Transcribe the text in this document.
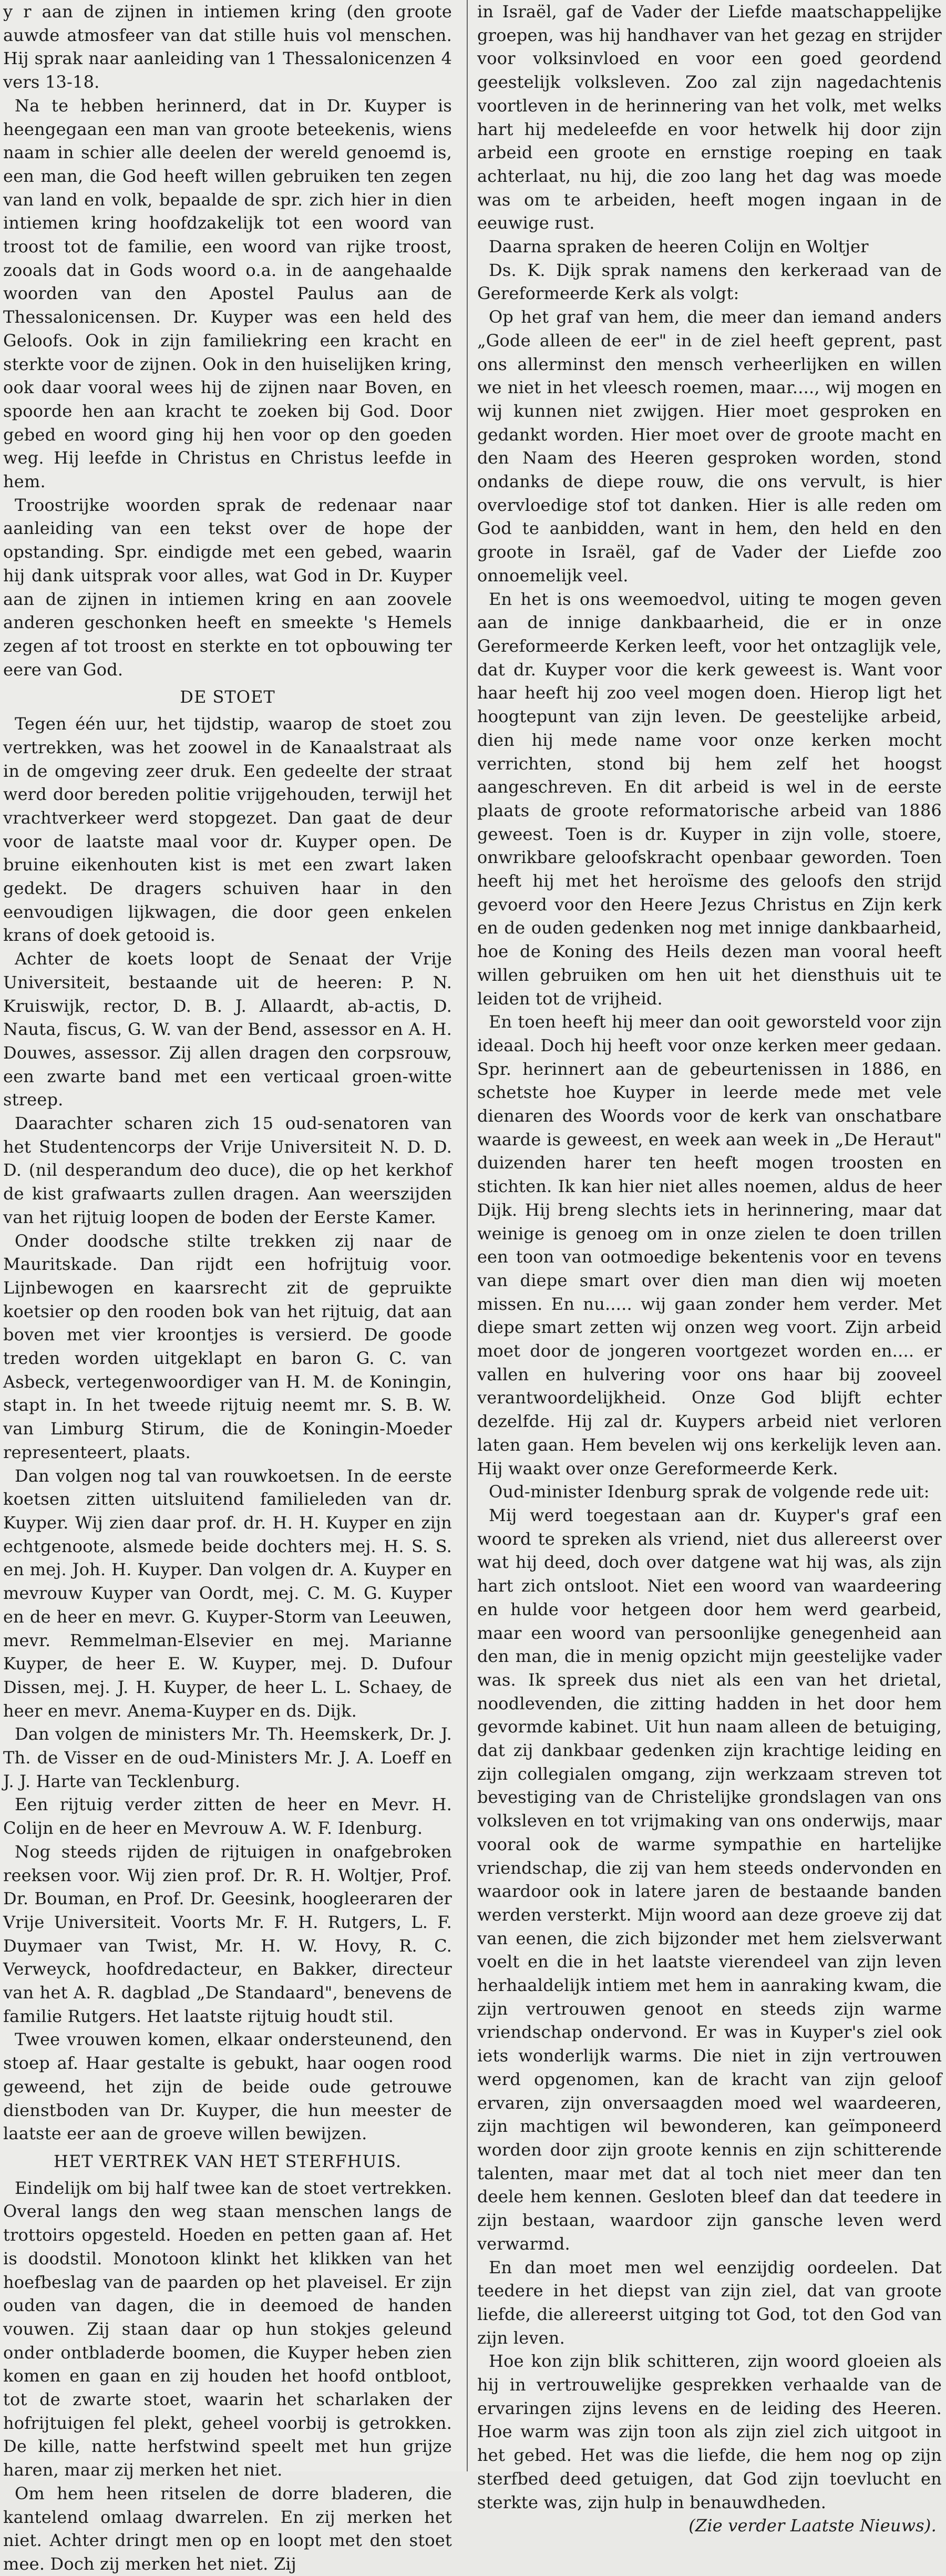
y r aan de zijnen in intiemen kring (den groote auwde atmosfeer van dat stille huis vol menschen. Hij sprak naar aanleiding van 1 Thessalonicenzen 4 vers 13-18.

Na te hebben herinnerd, dat in Dr. Kuyper is heengegaan een man van groote beteekenis, wiens naam in schier alle deelen der wereld genoemd is, een man, die God heeft willen gebruiken ten zegen van land en volk, bepaalde de spr. zich hier in dien intiemen kring hoofdzakelijk tot een woord van troost tot de familie, een woord van rijke troost, zooals dat in Gods woord o.a. in de aangehaalde woorden van den Apostel Paulus aan de Thessalonicensen. Dr. Kuyper was een held des Geloofs. Ook in zijn familiekring een kracht en sterkte voor de zijnen. Ook in den huiselijken kring, ook daar vooral wees hij de zijnen naar Boven, en spoorde hen aan kracht te zoeken bij God. Door gebed en woord ging hij hen voor op den goeden weg. Hij leefde in Christus en Christus leefde in hem.

Troostrijke woorden sprak de redenaar naar aanleiding van een tekst over de hope der opstanding. Spr. eindigde met een gebed, waarin hij dank uitsprak voor alles, wat God in Dr. Kuyper aan de zijnen in intiemen kring en aan zoovele anderen geschonken heeft en smeekte 's Hemels zegen af tot troost en sterkte en tot opbouwing ter eere van God.

DE STOET

Tegen één uur, het tijdstip, waarop de stoet zou vertrekken, was het zoowel in de Kanaalstraat als in de omgeving zeer druk. Een gedeelte der straat werd door bereden politie vrijgehouden, terwijl het vrachtverkeer werd stopgezet. Dan gaat de deur voor de laatste maal voor dr. Kuyper open. De bruine eikenhouten kist is met een zwart laken gedekt. De dragers schuiven haar in den eenvoudigen lijkwagen, die door geen enkelen krans of doek getooid is.

Achter de koets loopt de Senaat der Vrije Universiteit, bestaande uit de heeren: P. N. Kruiswijk, rector, D. B. J. Allaardt, ab-actis, D. Nauta, fiscus, G. W. van der Bend, assessor en A. H. Douwes, assessor. Zij allen dragen den corpsrouw, een zwarte band met een verticaal groen-witte streep.

Daarachter scharen zich 15 oud-senatoren van het Studentencorps der Vrije Universiteit N. D. D. D. (nil desperandum deo duce), die op het kerkhof de kist grafwaarts zullen dragen. Aan weerszijden van het rijtuig loopen de boden der Eerste Kamer.

Onder doodsche stilte trekken zij naar de Mauritskade. Dan rijdt een hofrijtuig voor. Lijnbewogen en kaarsrecht zit de gepruikte koetsier op den rooden bok van het rijtuig, dat aan boven met vier kroontjes is versierd. De goode treden worden uitgeklapt en baron G. C. van Asbeck, vertegenwoordiger van H. M. de Koningin, stapt in. In het tweede rijtuig neemt mr. S. B. W. van Limburg Stirum, die de Koningin-Moeder representeert, plaats.

Dan volgen nog tal van rouwkoetsen. In de eerste koetsen zitten uitsluitend familieleden van dr. Kuyper. Wij zien daar prof. dr. H. H. Kuyper en zijn echtgenoote, alsmede beide dochters mej. H. S. S. en mej. Joh. H. Kuyper. Dan volgen dr. A. Kuyper en mevrouw Kuyper van Oordt, mej. C. M. G. Kuyper en de heer en mevr. G. Kuyper-Storm van Leeuwen, mevr. Remmelman-Elsevier en mej. Marianne Kuyper, de heer E. W. Kuyper, mej. D. Dufour Dissen, mej. J. H. Kuyper, de heer L. L. Schaey, de heer en mevr. Anema-Kuyper en ds. Dijk.

Dan volgen de ministers Mr. Th. Heemskerk, Dr. J. Th. de Visser en de oud-Ministers Mr. J. A. Loeff en J. J. Harte van Tecklenburg.

Een rijtuig verder zitten de heer en Mevr. H. Colijn en de heer en Mevrouw A. W. F. Idenburg.

Nog steeds rijden de rijtuigen in onafgebroken reeksen voor. Wij zien prof. Dr. R. H. Woltjer, Prof. Dr. Bouman, en Prof. Dr. Geesink, hoogleeraren der Vrije Universiteit. Voorts Mr. F. H. Rutgers, L. F. Duymaer van Twist, Mr. H. W. Hovy, R. C. Verweyck, hoofdredacteur, en Bakker, directeur van het A. R. dagblad „De Standaard", benevens de familie Rutgers. Het laatste rijtuig houdt stil.

Twee vrouwen komen, elkaar ondersteunend, den stoep af. Haar gestalte is gebukt, haar oogen rood geweend, het zijn de beide oude getrouwe dienstboden van Dr. Kuyper, die hun meester de laatste eer aan de groeve willen bewijzen.

HET VERTREK VAN HET STERFHUIS.

Eindelijk om bij half twee kan de stoet vertrekken. Overal langs den weg staan menschen langs de trottoirs opgesteld. Hoeden en petten gaan af. Het is doodstil. Monotoon klinkt het klikken van het hoefbeslag van de paarden op het plaveisel. Er zijn ouden van dagen, die in deemoed de handen vouwen. Zij staan daar op hun stokjes geleund onder ontbladerde boomen, die Kuyper heben zien komen en gaan en zij houden het hoofd ontbloot, tot de zwarte stoet, waarin het scharlaken der hofrijtuigen fel plekt, geheel voorbij is getrokken. De kille, natte herfstwind speelt met hun grijze haren, maar zij merken het niet.

Om hem heen ritselen de dorre bladeren, die kantelend omlaag dwarrelen. En zij merken het niet. Achter dringt men op en loopt met den stoet mee. Doch zij merken het niet. Zij

in Israël, gaf de Vader der Liefde maatschappelijke groepen, was hij handhaver van het gezag en strijder voor volksinvloed en voor een goed geordend geestelijk volksleven. Zoo zal zijn nagedachtenis voortleven in de herinnering van het volk, met welks hart hij medeleefde en voor hetwelk hij door zijn arbeid een groote en ernstige roeping en taak achterlaat, nu hij, die zoo lang het dag was moede was om te arbeiden, heeft mogen ingaan in de eeuwige rust.

Daarna spraken de heeren Colijn en Woltjer

Ds. K. Dijk sprak namens den kerkeraad van de Gereformeerde Kerk als volgt:

Op het graf van hem, die meer dan iemand anders „Gode alleen de eer" in de ziel heeft geprent, past ons allerminst den mensch verheerlijken en willen we niet in het vleesch roemen, maar...., wij mogen en wij kunnen niet zwijgen. Hier moet gesproken en gedankt worden. Hier moet over de groote macht en den Naam des Heeren gesproken worden, stond ondanks de diepe rouw, die ons vervult, is hier overvloedige stof tot danken. Hier is alle reden om God te aanbidden, want in hem, den held en den groote in Israël, gaf de Vader der Liefde zoo onnoemelijk veel.

En het is ons weemoedvol, uiting te mogen geven aan de innige dankbaarheid, die er in onze Gereformeerde Kerken leeft, voor het ontzaglijk vele, dat dr. Kuyper voor die kerk geweest is. Want voor haar heeft hij zoo veel mogen doen. Hierop ligt het hoogtepunt van zijn leven. De geestelijke arbeid, dien hij mede name voor onze kerken mocht verrichten, stond bij hem zelf het hoogst aangeschreven. En dit arbeid is wel in de eerste plaats de groote reformatorische arbeid van 1886 geweest. Toen is dr. Kuyper in zijn volle, stoere, onwrikbare geloofskracht openbaar geworden. Toen heeft hij met het heroïsme des geloofs den strijd gevoerd voor den Heere Jezus Christus en Zijn kerk en de ouden gedenken nog met innige dankbaarheid, hoe de Koning des Heils dezen man vooral heeft willen gebruiken om hen uit het diensthuis uit te leiden tot de vrijheid.

En toen heeft hij meer dan ooit geworsteld voor zijn ideaal. Doch hij heeft voor onze kerken meer gedaan. Spr. herinnert aan de gebeurtenissen in 1886, en schetste hoe Kuyper in leerde mede met vele dienaren des Woords voor de kerk van onschatbare waarde is geweest, en week aan week in „De Heraut" duizenden harer ten heeft mogen troosten en stichten. Ik kan hier niet alles noemen, aldus de heer Dijk. Hij breng slechts iets in herinnering, maar dat weinige is genoeg om in onze zielen te doen trillen een toon van ootmoedige bekentenis voor en tevens van diepe smart over dien man dien wij moeten missen. En nu..... wij gaan zonder hem verder. Met diepe smart zetten wij onzen weg voort. Zijn arbeid moet door de jongeren voortgezet worden en.... er vallen en hulvering voor ons haar bij zooveel verantwoordelijkheid. Onze God blijft echter dezelfde. Hij zal dr. Kuypers arbeid niet verloren laten gaan. Hem bevelen wij ons kerkelijk leven aan. Hij waakt over onze Gereformeerde Kerk.

Oud-minister Idenburg sprak de volgende rede uit:

Mij werd toegestaan aan dr. Kuyper's graf een woord te spreken als vriend, niet dus allereerst over wat hij deed, doch over datgene wat hij was, als zijn hart zich ontsloot. Niet een woord van waardeering en hulde voor hetgeen door hem werd gearbeid, maar een woord van persoonlijke genegenheid aan den man, die in menig opzicht mijn geestelijke vader was. Ik spreek dus niet als een van het drietal, noodlevenden, die zitting hadden in het door hem gevormde kabinet. Uit hun naam alleen de betuiging, dat zij dankbaar gedenken zijn krachtige leiding en zijn collegialen omgang, zijn werkzaam streven tot bevestiging van de Christelijke grondslagen van ons volksleven en tot vrijmaking van ons onderwijs, maar vooral ook de warme sympathie en hartelijke vriendschap, die zij van hem steeds ondervonden en waardoor ook in latere jaren de bestaande banden werden versterkt. Mijn woord aan deze groeve zij dat van eenen, die zich bijzonder met hem zielsverwant voelt en die in het laatste vierendeel van zijn leven herhaaldelijk intiem met hem in aanraking kwam, die zijn vertrouwen genoot en steeds zijn warme vriendschap ondervond. Er was in Kuyper's ziel ook iets wonderlijk warms. Die niet in zijn vertrouwen werd opgenomen, kan de kracht van zijn geloof ervaren, zijn onversaagden moed wel waardeeren, zijn machtigen wil bewonderen, kan geïmponeerd worden door zijn groote kennis en zijn schitterende talenten, maar met dat al toch niet meer dan ten deele hem kennen. Gesloten bleef dan dat teedere in zijn bestaan, waardoor zijn gansche leven werd verwarmd.

En dan moet men wel eenzijdig oordeelen. Dat teedere in het diepst van zijn ziel, dat van groote liefde, die allereerst uitging tot God, tot den God van zijn leven.

Hoe kon zijn blik schitteren, zijn woord gloeien als hij in vertrouwelijke gesprekken verhaalde van de ervaringen zijns levens en de leiding des Heeren. Hoe warm was zijn toon als zijn ziel zich uitgoot in het gebed. Het was die liefde, die hem nog op zijn sterfbed deed getuigen, dat God zijn toevlucht en sterkte was, zijn hulp in benauwdheden.

(Zie verder Laatste Nieuws).
